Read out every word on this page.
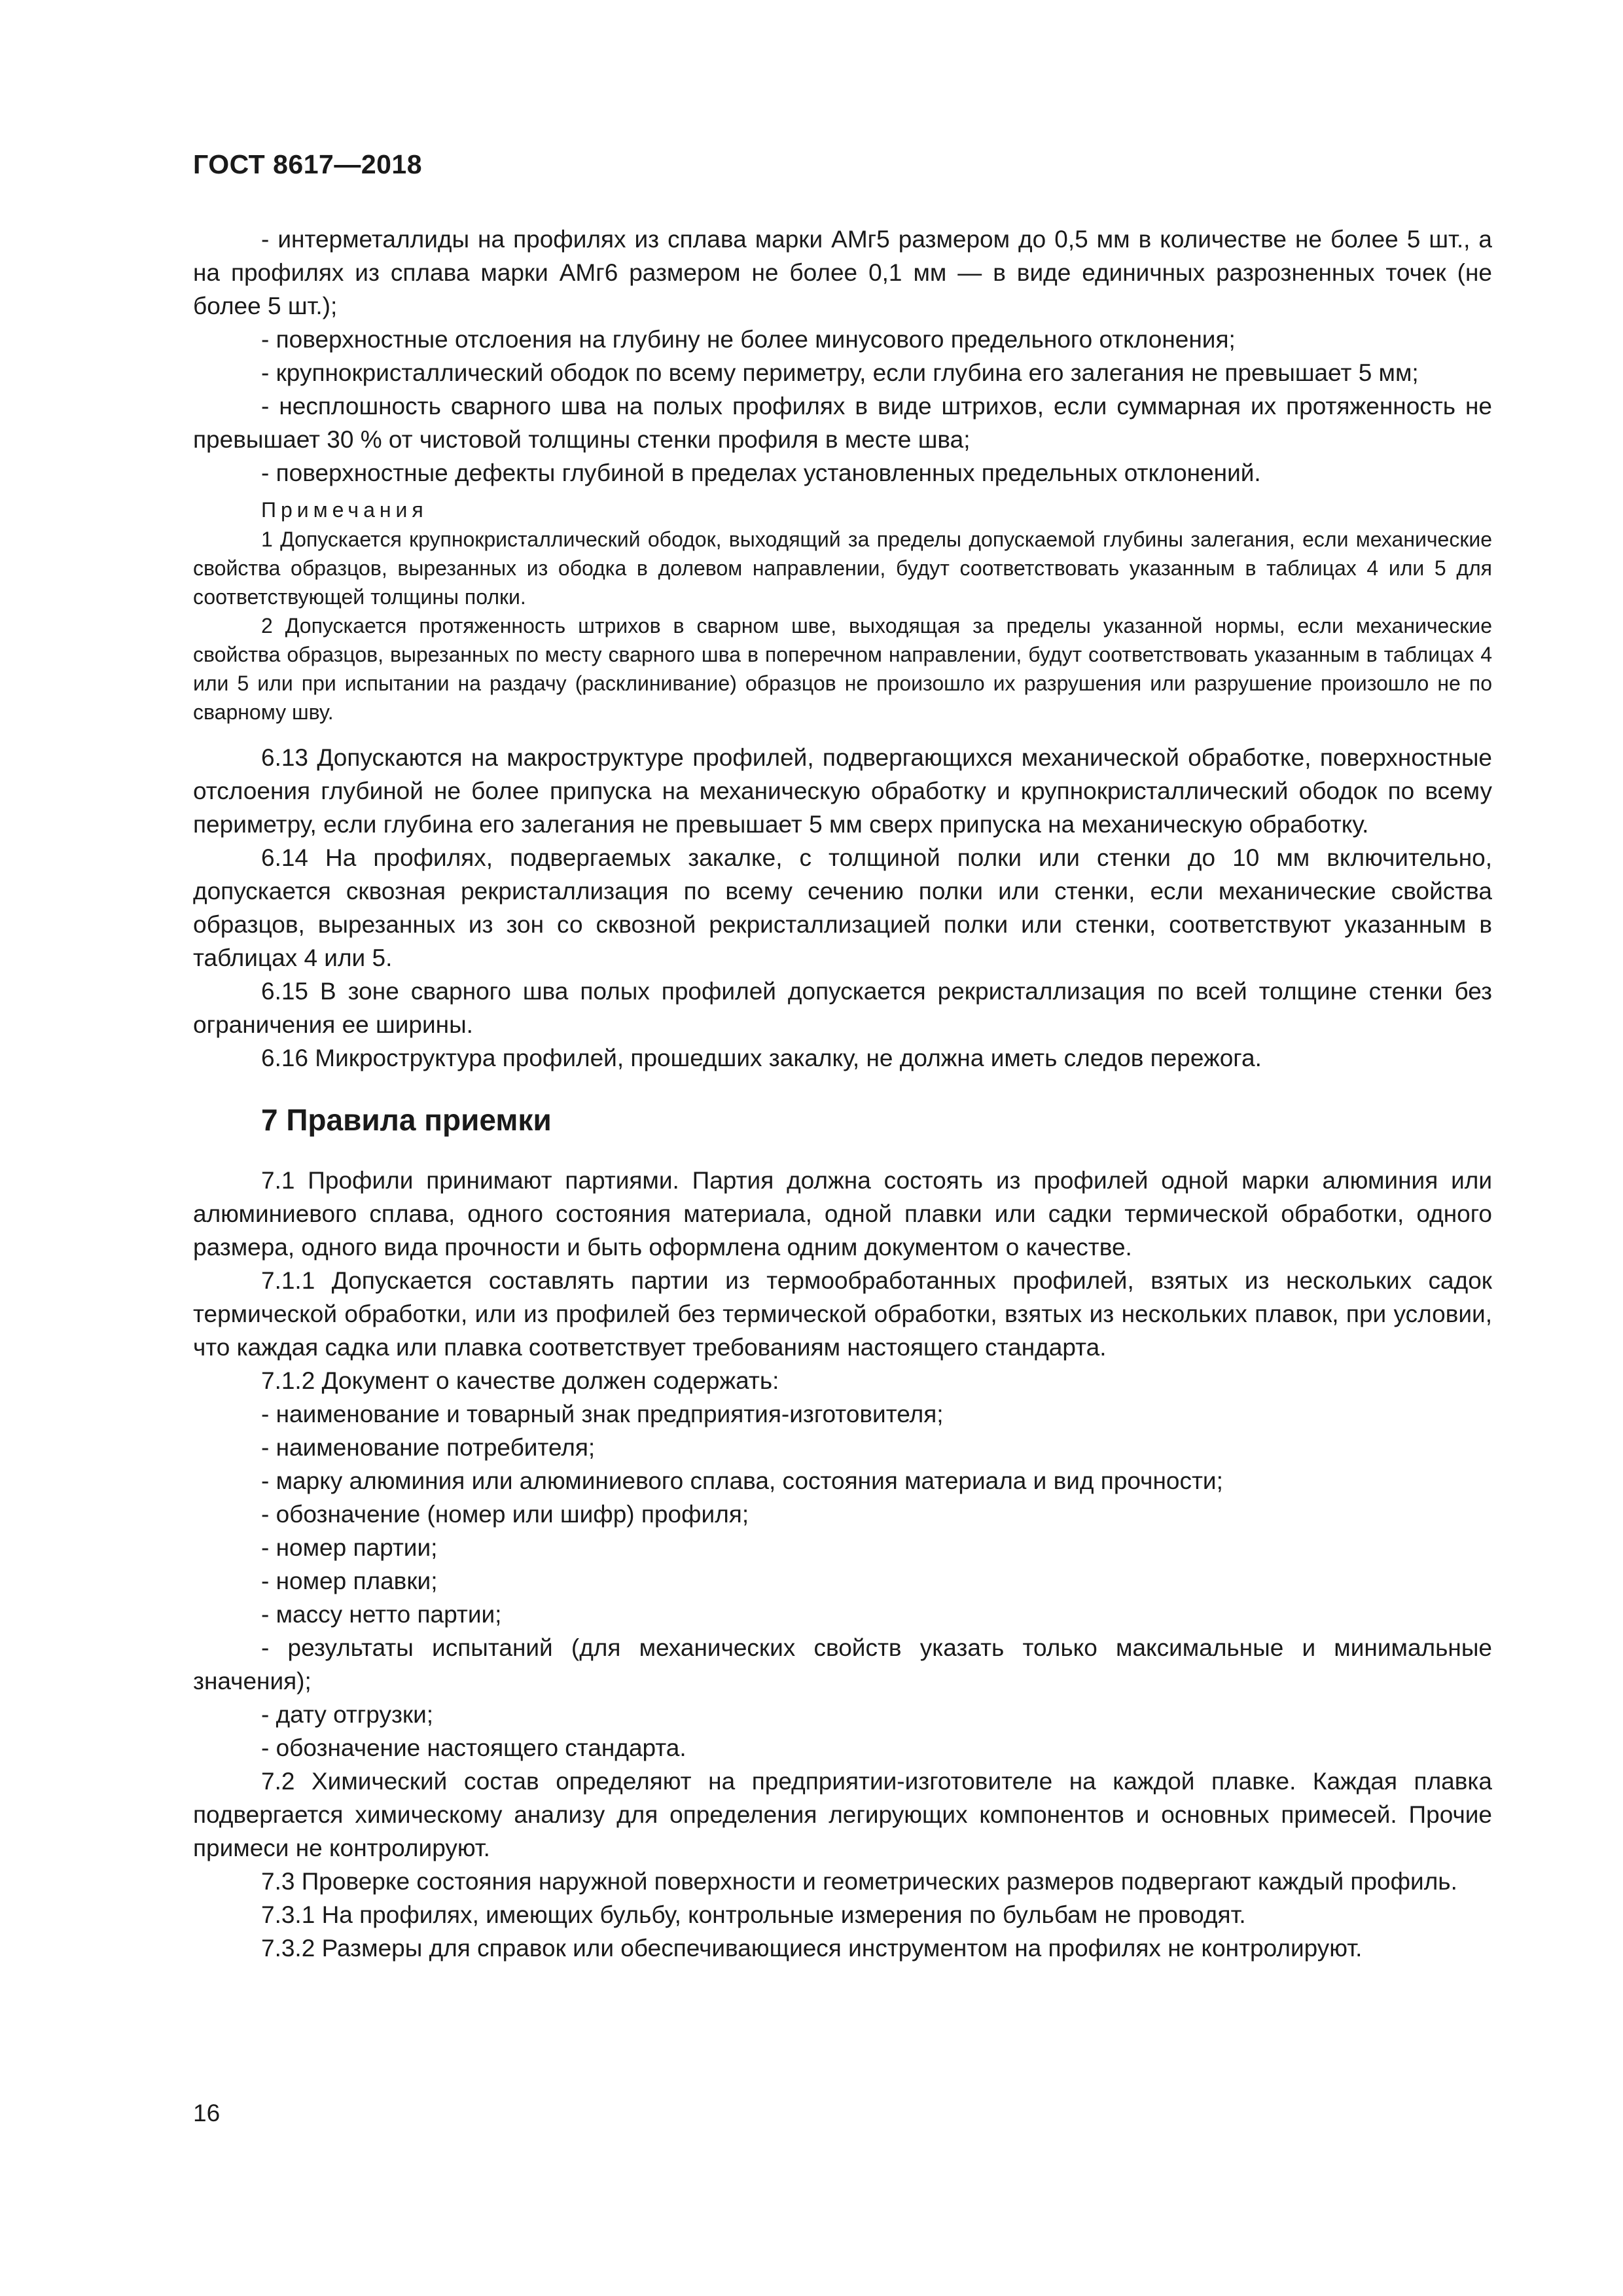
ГОСТ 8617—2018

- интерметаллиды на профилях из сплава марки АМг5 размером до 0,5 мм в количестве не более 5 шт., а на профилях из сплава марки АМг6 размером не более 0,1 мм — в виде единичных разрозненных точек (не более 5 шт.);

- поверхностные отслоения на глубину не более минусового предельного отклонения;

- крупнокристаллический ободок по всему периметру, если глубина его залегания не превышает 5 мм;

- несплошность сварного шва на полых профилях в виде штрихов, если суммарная их протяженность не превышает 30 % от чистовой толщины стенки профиля в месте шва;

- поверхностные дефекты глубиной в пределах установленных предельных отклонений.

Примечания

1 Допускается крупнокристаллический ободок, выходящий за пределы допускаемой глубины залегания, если механические свойства образцов, вырезанных из ободка в долевом направлении, будут соответствовать указанным в таблицах 4 или 5 для соответствующей толщины полки.

2 Допускается протяженность штрихов в сварном шве, выходящая за пределы указанной нормы, если механические свойства образцов, вырезанных по месту сварного шва в поперечном направлении, будут соответствовать указанным в таблицах 4 или 5 или при испытании на раздачу (расклинивание) образцов не произошло их разрушения или разрушение произошло не по сварному шву.

6.13 Допускаются на макроструктуре профилей, подвергающихся механической обработке, поверхностные отслоения глубиной не более припуска на механическую обработку и крупнокристаллический ободок по всему периметру, если глубина его залегания не превышает 5 мм сверх припуска на механическую обработку.

6.14 На профилях, подвергаемых закалке, с толщиной полки или стенки до 10 мм включительно, допускается сквозная рекристаллизация по всему сечению полки или стенки, если механические свойства образцов, вырезанных из зон со сквозной рекристаллизацией полки или стенки, соответствуют указанным в таблицах 4 или 5.

6.15 В зоне сварного шва полых профилей допускается рекристаллизация по всей толщине стенки без ограничения ее ширины.

6.16 Микроструктура профилей, прошедших закалку, не должна иметь следов пережога.

7 Правила приемки

7.1 Профили принимают партиями. Партия должна состоять из профилей одной марки алюминия или алюминиевого сплава, одного состояния материала, одной плавки или садки термической обработки, одного размера, одного вида прочности и быть оформлена одним документом о качестве.

7.1.1 Допускается составлять партии из термообработанных профилей, взятых из нескольких садок термической обработки, или из профилей без термической обработки, взятых из нескольких плавок, при условии, что каждая садка или плавка соответствует требованиям настоящего стандарта.

7.1.2 Документ о качестве должен содержать:

- наименование и товарный знак предприятия-изготовителя;

- наименование потребителя;

- марку алюминия или алюминиевого сплава, состояния материала и вид прочности;

- обозначение (номер или шифр) профиля;

- номер партии;

- номер плавки;

- массу нетто партии;

- результаты испытаний (для механических свойств указать только максимальные и минимальные значения);

- дату отгрузки;

- обозначение настоящего стандарта.

7.2 Химический состав определяют на предприятии-изготовителе на каждой плавке. Каждая плавка подвергается химическому анализу для определения легирующих компонентов и основных примесей. Прочие примеси не контролируют.

7.3 Проверке состояния наружной поверхности и геометрических размеров подвергают каждый профиль.

7.3.1 На профилях, имеющих бульбу, контрольные измерения по бульбам не проводят.

7.3.2 Размеры для справок или обеспечивающиеся инструментом на профилях не контролируют.

16
